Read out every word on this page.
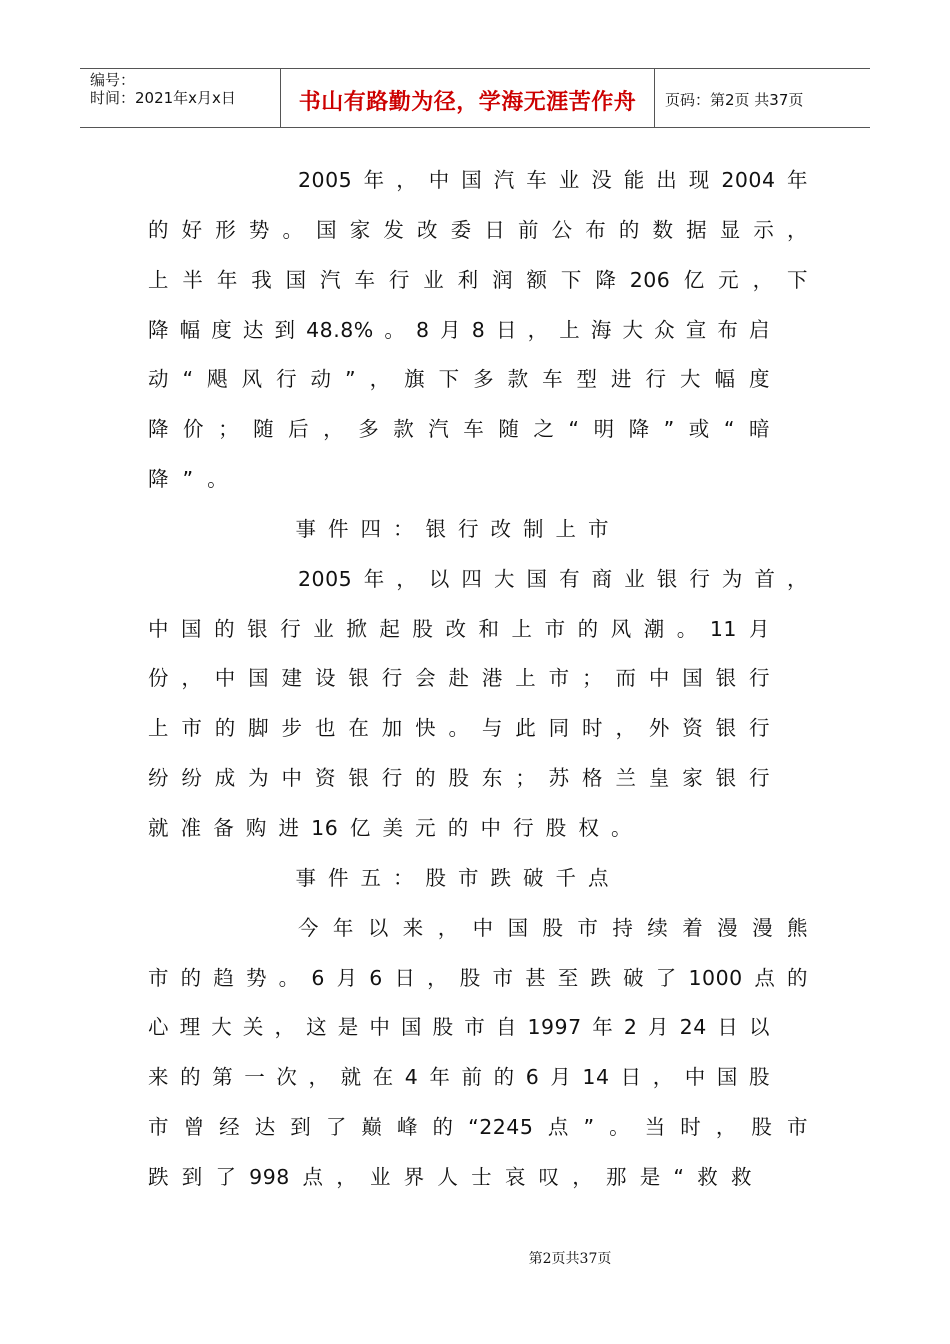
编号：
时间：2021年x月x日	书山有路勤为径，学海无涯苦作舟	页码：第2页 共37页
2005年，中国汽车业没能出现2004年
的好形势。国家发改委日前公布的数据显示，
上半年我国汽车行业利润额下降206亿元，下
降幅度达到48.8%。8月8日，上海大众宣布启
动“飓风行动”，旗下多款车型进行大幅度
降价；随后，多款汽车随之“明降”或“暗
降”。
事件四：银行改制上市
2005年，以四大国有商业银行为首，
中国的银行业掀起股改和上市的风潮。11月
份，中国建设银行会赴港上市；而中国银行
上市的脚步也在加快。与此同时，外资银行
纷纷成为中资银行的股东；苏格兰皇家银行
就准备购进16亿美元的中行股权。
事件五：股市跌破千点
今年以来，中国股市持续着漫漫熊
市的趋势。6月6日，股市甚至跌破了1000点的
心理大关，这是中国股市自1997年2月24日以
来的第一次，就在4年前的6月14日，中国股
市曾经达到了巅峰的“2245点”。当时，股市
跌到了998点，业界人士哀叹，那是“救救
第2页共37页
